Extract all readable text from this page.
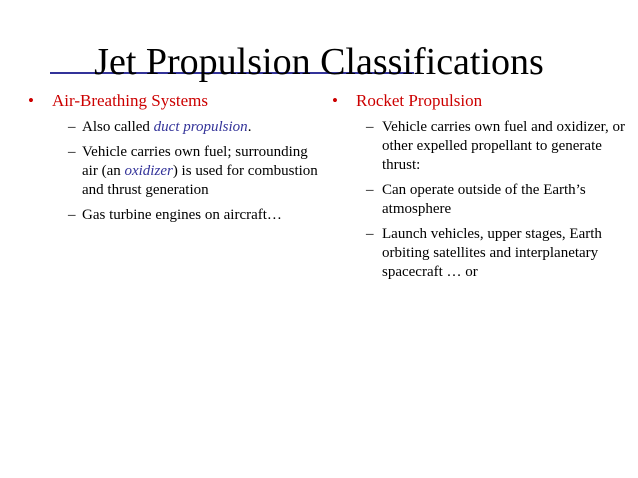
Jet Propulsion Classifications
• Air-Breathing Systems
– Also called duct propulsion.
– Vehicle carries own fuel; surrounding air (an oxidizer) is used for combustion and thrust generation
– Gas turbine engines on aircraft…
• Rocket Propulsion
– Vehicle carries own fuel and oxidizer, or other expelled propellant to generate thrust:
– Can operate outside of the Earth’s atmosphere
– Launch vehicles, upper stages, Earth orbiting satellites and interplanetary spacecraft … or
